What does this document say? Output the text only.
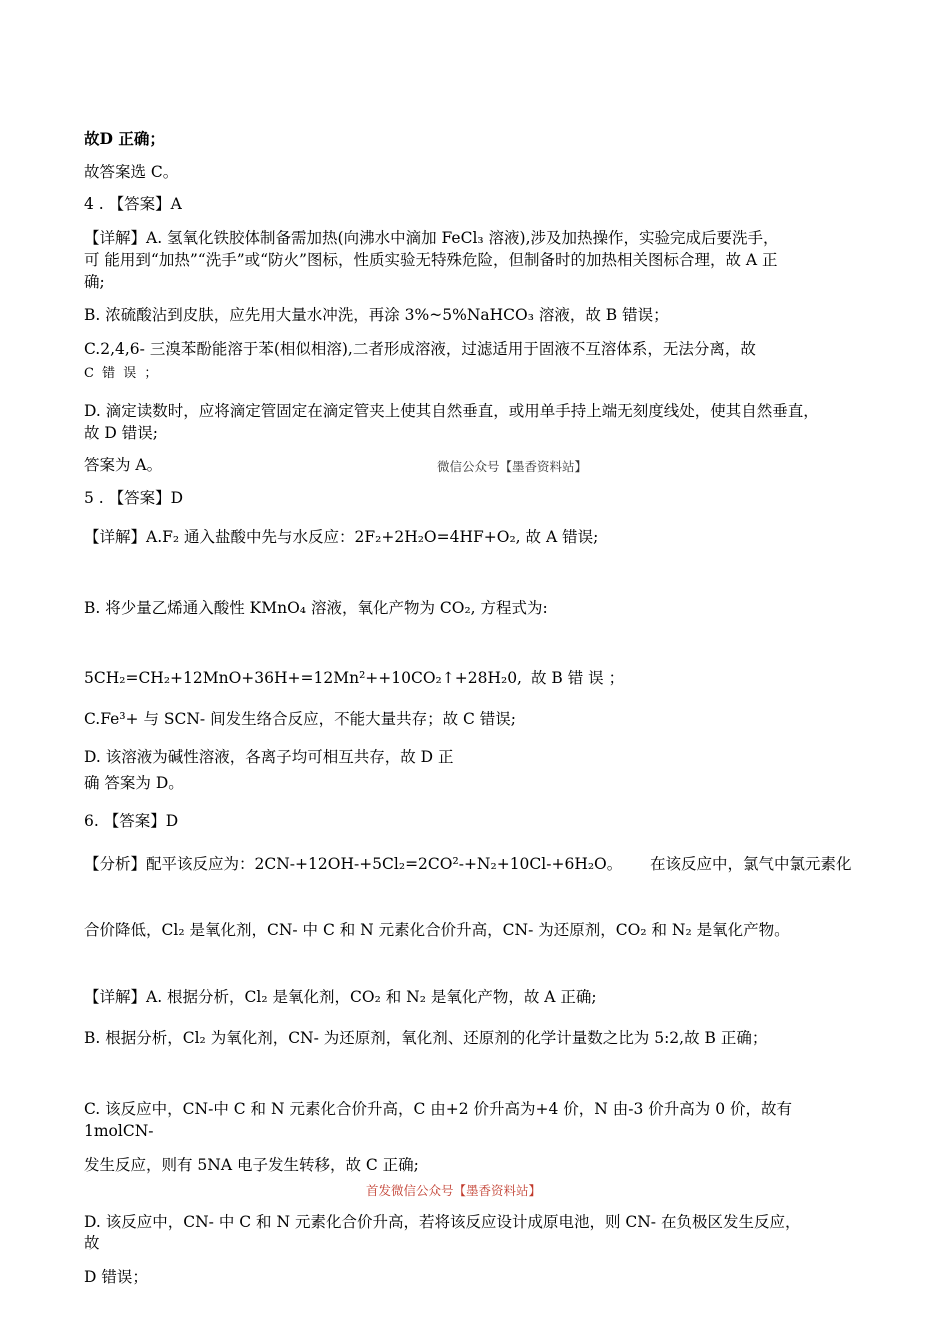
故D 正确；
故答案选 C。
4 . 【答案】A
【详解】A. 氢氧化铁胶体制备需加热(向沸水中滴加 FeCl₃ 溶液),涉及加热操作，实验完成后要洗手，
可 能用到“加热”“洗手”或“防火”图标，性质实验无特殊危险，但制备时的加热相关图标合理，故 A 正
确;
B. 浓硫酸沾到皮肤，应先用大量水冲洗，再涂 3%~5%NaHCO₃ 溶液，故 B 错误；
C.2,4,6- 三溴苯酚能溶于苯(相似相溶),二者形成溶液，过滤适用于固液不互溶体系，无法分离，故
C 错 误 ；
D. 滴定读数时，应将滴定管固定在滴定管夹上使其自然垂直，或用单手持上端无刻度线处，使其自然垂直，
故 D 错误;
答案为 A。	微信公众号【墨香资料站】
5 . 【答案】D
【详解】A.F₂ 通入盐酸中先与水反应：2F₂+2H₂O=4HF+O₂, 故 A 错误;
B. 将少量乙烯通入酸性 KMnO₄ 溶液，氧化产物为 CO₂, 方程式为:
5CH₂=CH₂+12MnO+36H+=12Mn²++10CO₂↑+28H₂0, 故 B 错 误 ；
C.Fe³+ 与 SCN- 间发生络合反应，不能大量共存；故 C 错误;
D. 该溶液为碱性溶液，各离子均可相互共存，故 D 正
确 答案为 D。
6. 【答案】D
【分析】配平该反应为：2CN-+12OH-+5Cl₂=2CO²-+N₂+10Cl-+6H₂O。 在该反应中，氯气中氯元素化
合价降低，Cl₂ 是氧化剂，CN- 中 C 和 N 元素化合价升高，CN- 为还原剂，CO₂ 和 N₂ 是氧化产物。
【详解】A. 根据分析，Cl₂ 是氧化剂，CO₂ 和 N₂ 是氧化产物，故 A 正确;
B. 根据分析，Cl₂ 为氧化剂，CN- 为还原剂，氧化剂、还原剂的化学计量数之比为 5:2,故 B 正确；
C. 该反应中，CN-中 C 和 N 元素化合价升高，C 由+2 价升高为+4 价，N 由-3 价升高为 0 价，故有
1molCN-
发生反应，则有 5NA 电子发生转移，故 C 正确;
首发微信公众号【墨香资料站】
D. 该反应中，CN- 中 C 和 N 元素化合价升高，若将该反应设计成原电池，则 CN- 在负极区发生反应，
故
D 错误；
